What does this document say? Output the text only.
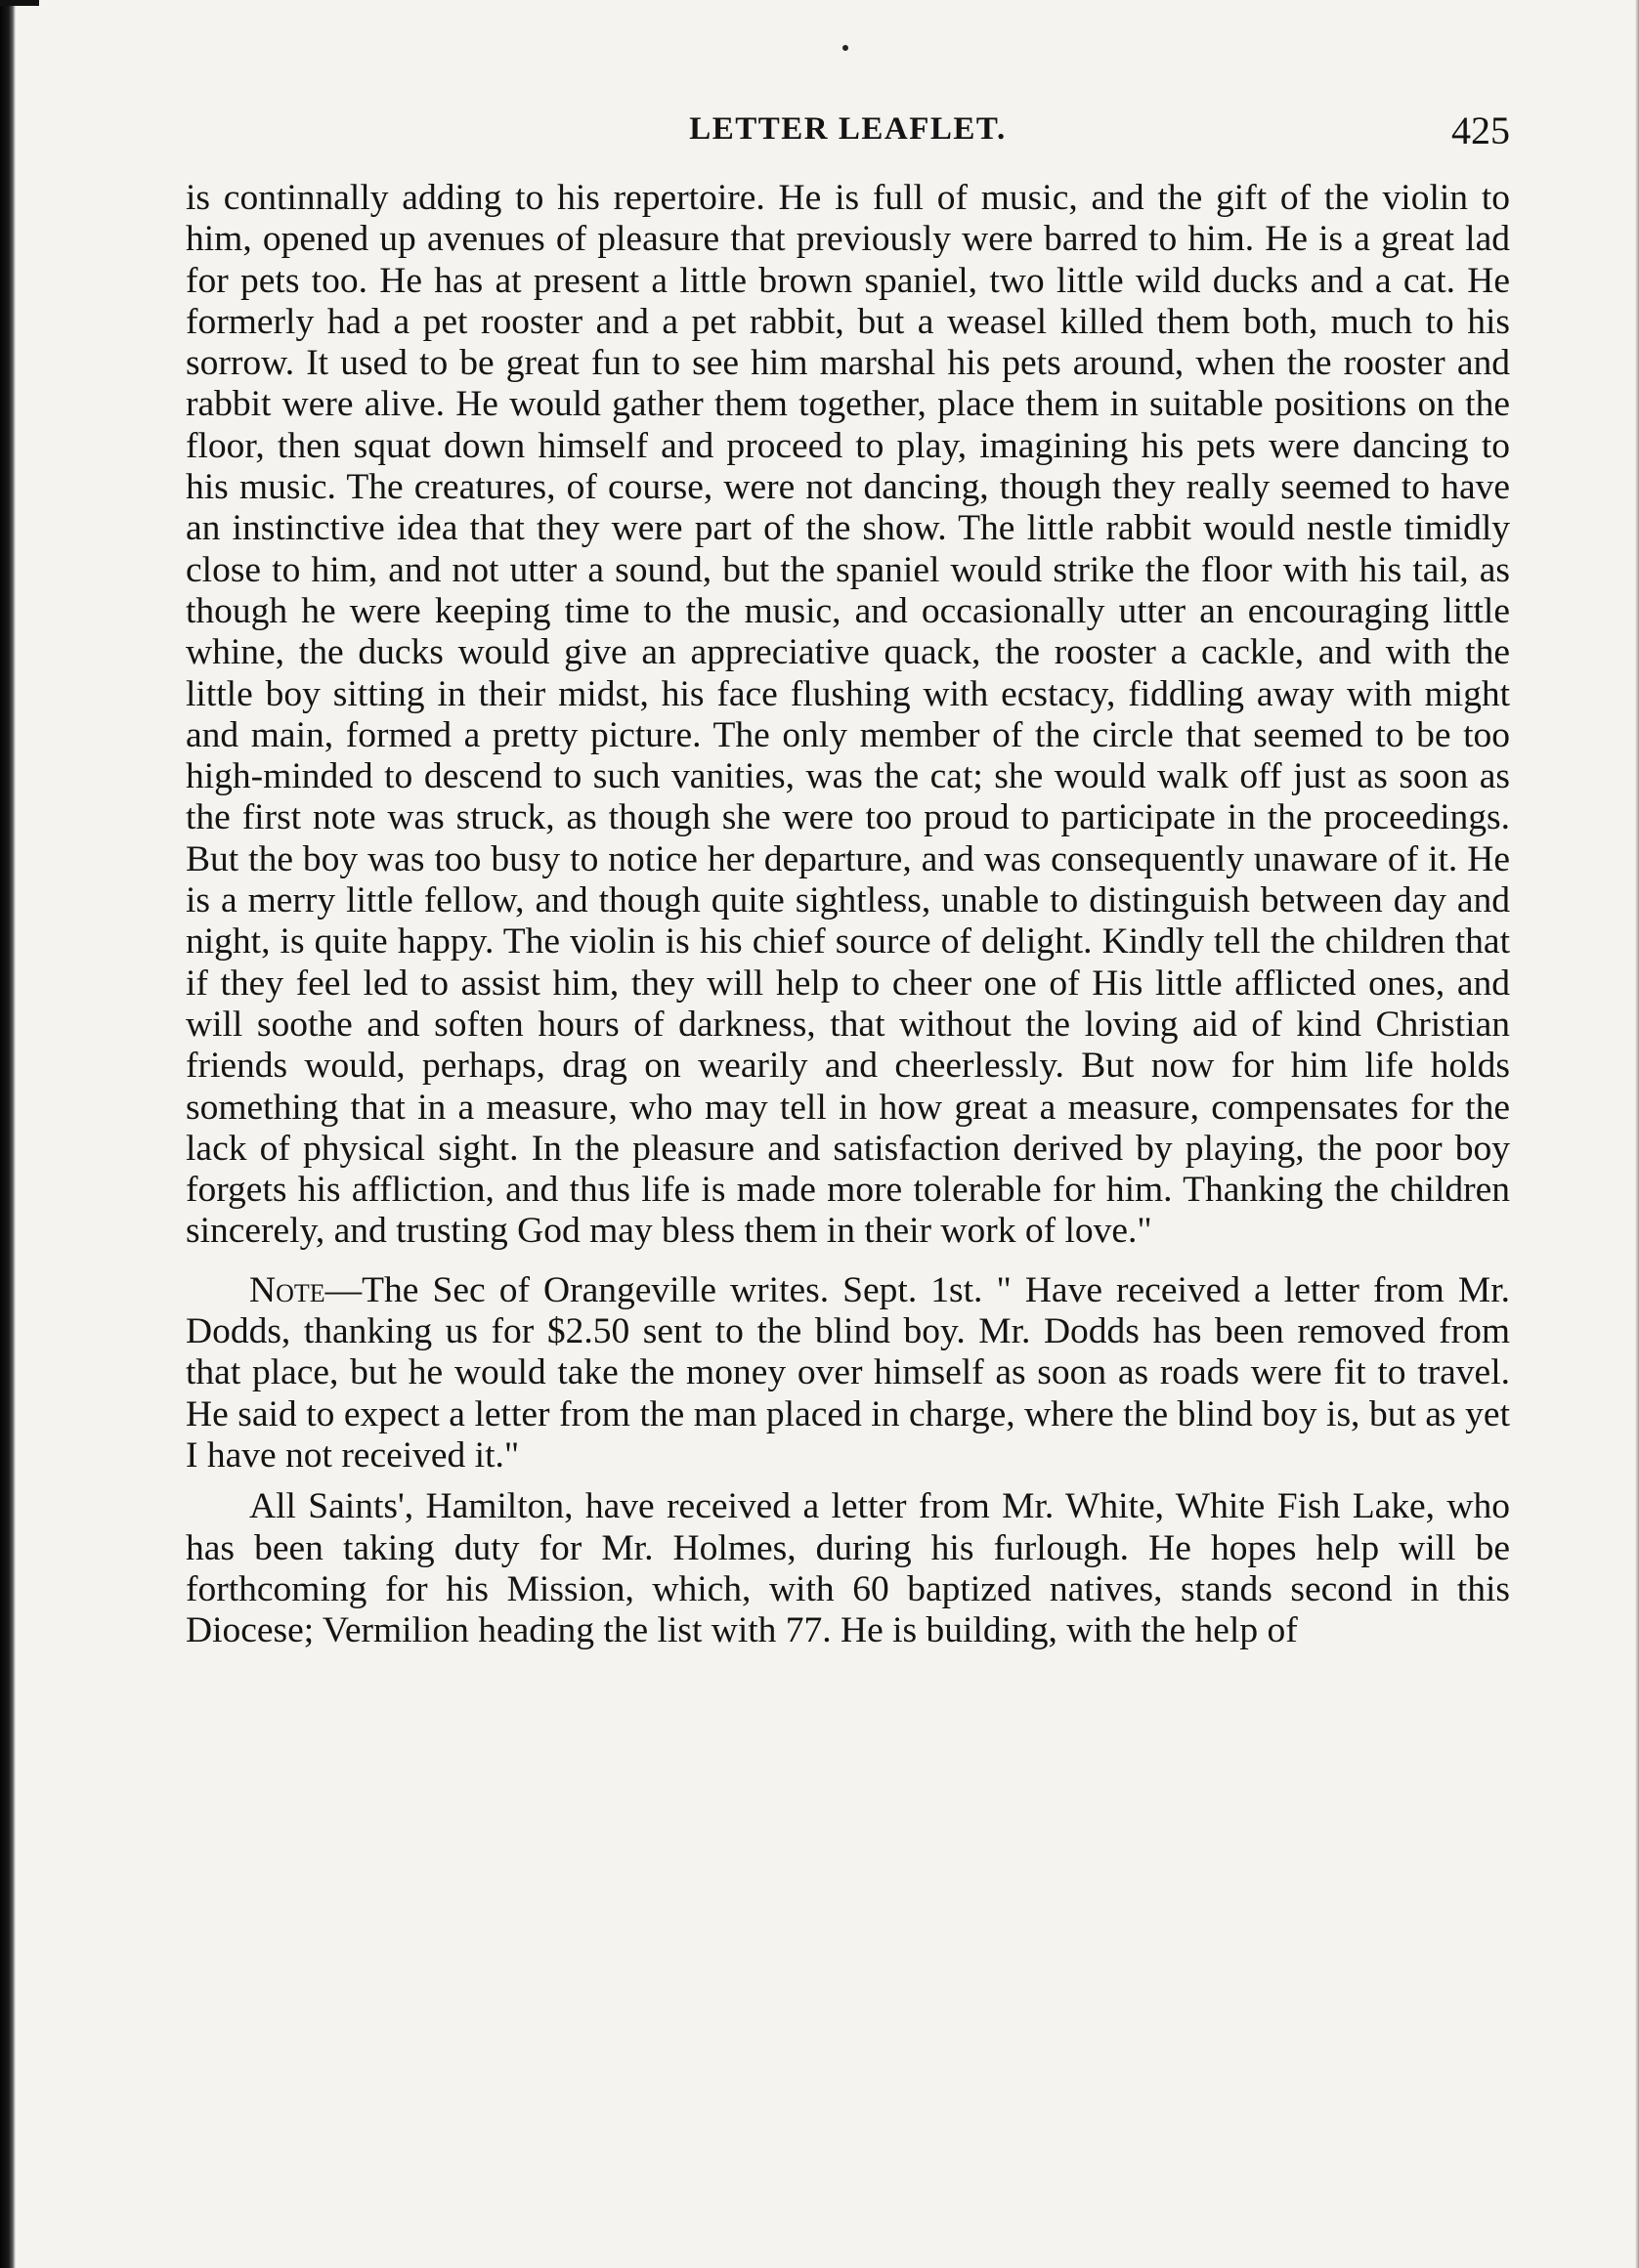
LETTER LEAFLET.	425

is continnally adding to his repertoire. He is full of music, and the gift of the violin to him, opened up avenues of pleasure that previously were barred to him. He is a great lad for pets too. He has at present a little brown spaniel, two little wild ducks and a cat. He formerly had a pet rooster and a pet rabbit, but a weasel killed them both, much to his sorrow. It used to be great fun to see him marshal his pets around, when the rooster and rabbit were alive. He would gather them together, place them in suitable positions on the floor, then squat down himself and proceed to play, imagining his pets were dancing to his music. The creatures, of course, were not dancing, though they really seemed to have an instinctive idea that they were part of the show. The little rabbit would nestle timidly close to him, and not utter a sound, but the spaniel would strike the floor with his tail, as though he were keeping time to the music, and occasionally utter an encouraging little whine, the ducks would give an appreciative quack, the rooster a cackle, and with the little boy sitting in their midst, his face flushing with ecstacy, fiddling away with might and main, formed a pretty picture. The only member of the circle that seemed to be too high-minded to descend to such vanities, was the cat; she would walk off just as soon as the first note was struck, as though she were too proud to participate in the proceedings. But the boy was too busy to notice her departure, and was consequently unaware of it. He is a merry little fellow, and though quite sightless, unable to distinguish between day and night, is quite happy. The violin is his chief source of delight. Kindly tell the children that if they feel led to assist him, they will help to cheer one of His little afflicted ones, and will soothe and soften hours of darkness, that without the loving aid of kind Christian friends would, perhaps, drag on wearily and cheerlessly. But now for him life holds something that in a measure, who may tell in how great a measure, compensates for the lack of physical sight. In the pleasure and satisfaction derived by playing, the poor boy forgets his affliction, and thus life is made more tolerable for him. Thanking the children sincerely, and trusting God may bless them in their work of love."

Note—The Sec of Orangeville writes. Sept. 1st. " Have received a letter from Mr. Dodds, thanking us for $2.50 sent to the blind boy. Mr. Dodds has been removed from that place, but he would take the money over himself as soon as roads were fit to travel. He said to expect a letter from the man placed in charge, where the blind boy is, but as yet I have not received it."

All Saints', Hamilton, have received a letter from Mr. White, White Fish Lake, who has been taking duty for Mr. Holmes, during his furlough. He hopes help will be forthcoming for his Mission, which, with 60 baptized natives, stands second in this Diocese; Vermilion heading the list with 77. He is building, with the help of
